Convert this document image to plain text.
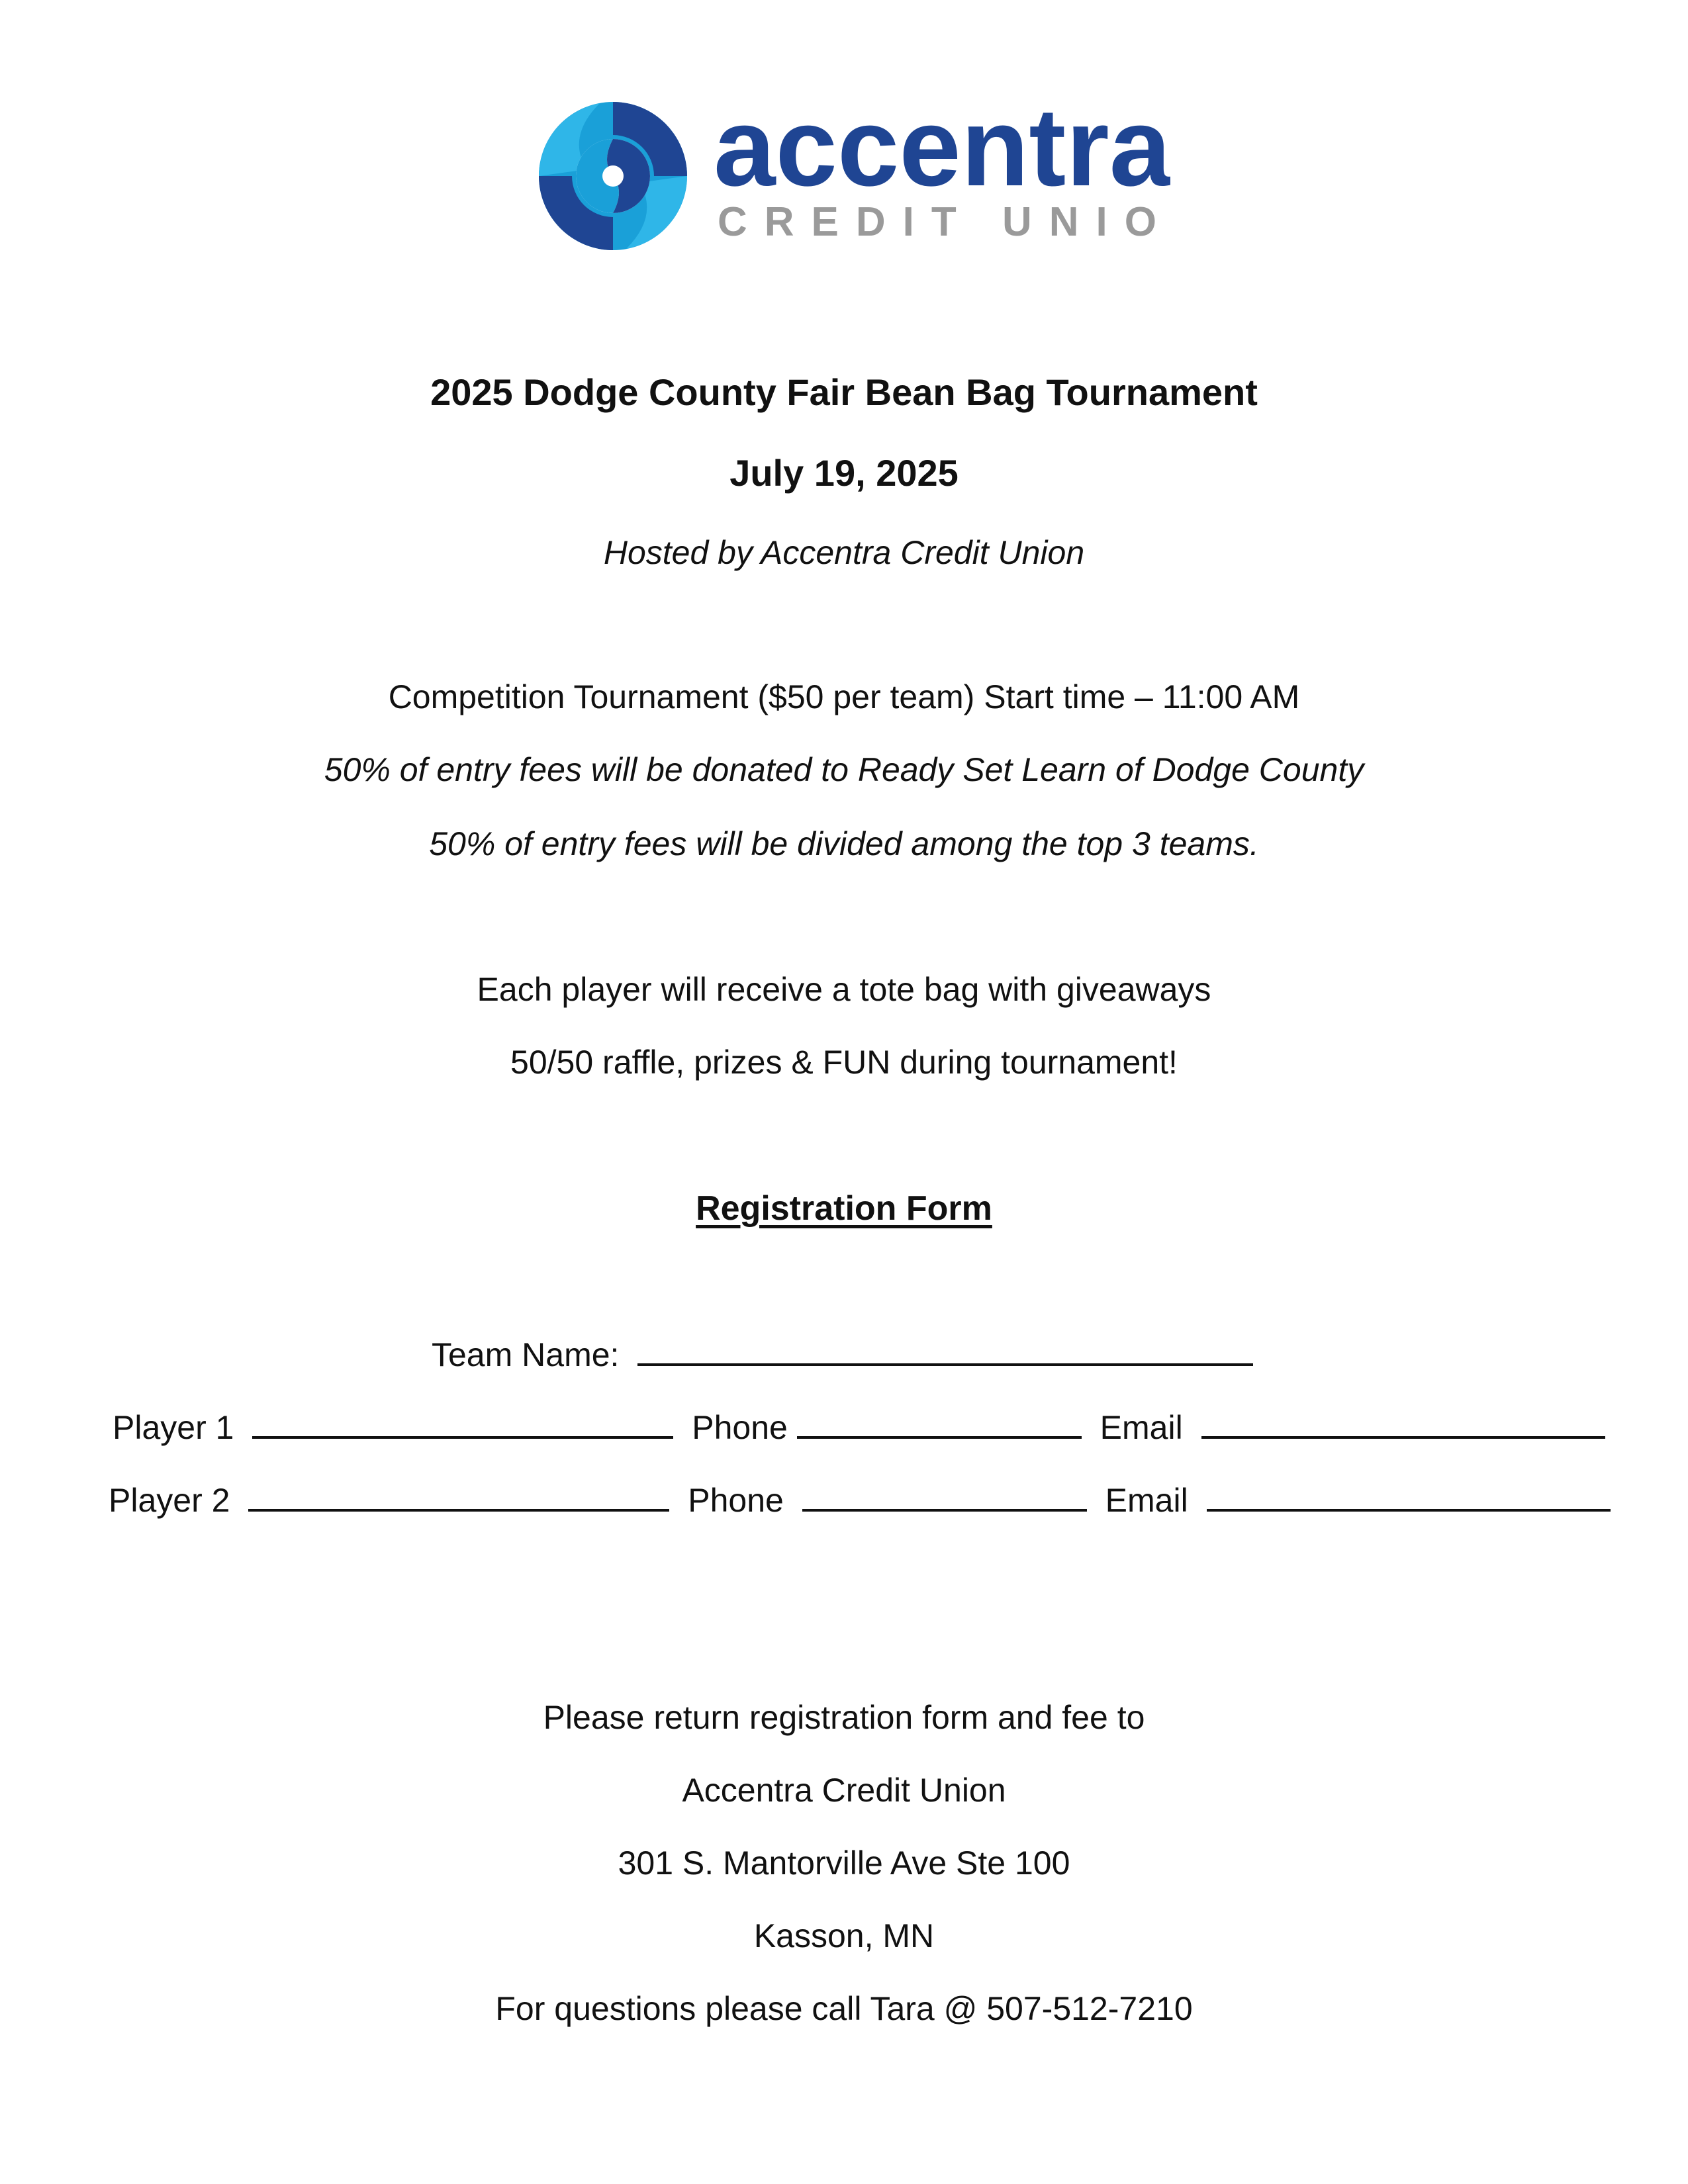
accentra
CREDIT UNION
2025 Dodge County Fair Bean Bag Tournament
July 19, 2025
Hosted by Accentra Credit Union
Competition Tournament ($50 per team) Start time – 11:00 AM
50% of entry fees will be donated to Ready Set Learn of Dodge County
50% of entry fees will be divided among the top 3 teams.
Each player will receive a tote bag with giveaways
50/50 raffle, prizes & FUN during tournament!
Registration Form
Team Name:
Player 1	Phone	Email
Player 2	Phone	Email
Please return registration form and fee to
Accentra Credit Union
301 S. Mantorville Ave Ste 100
Kasson, MN
For questions please call Tara @ 507-512-7210
